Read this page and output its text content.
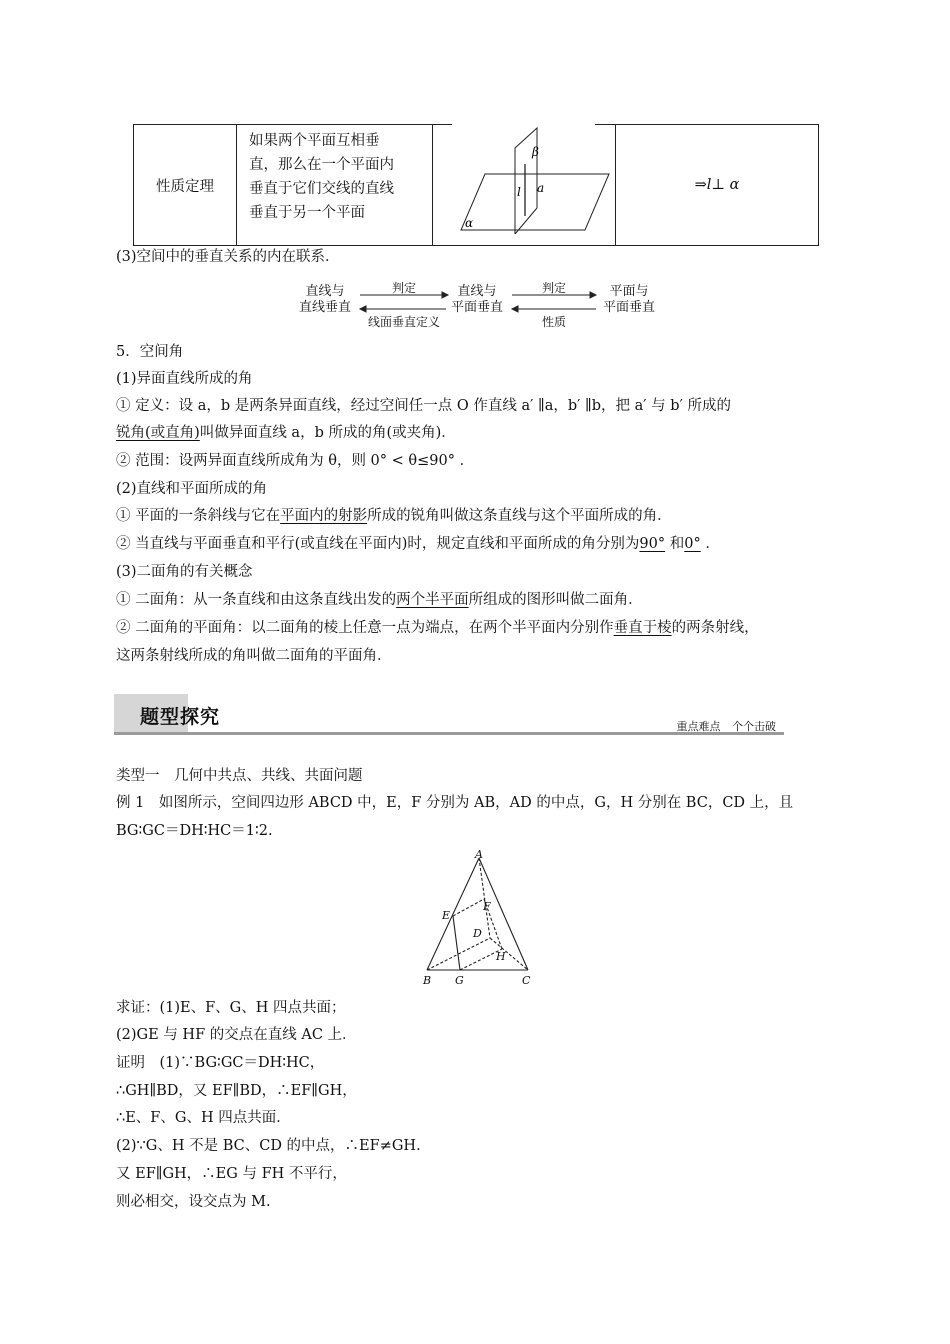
性质定理
如果两个平面互相垂
直，那么在一个平面内
垂直于它们交线的直线
垂直于另一个平面
β
l a
α
⇒l⊥ α
(3)空间中的垂直关系的内在联系．
直线与
直线垂直
直线与
平面垂直
平面与
平面垂直
判定
线面垂直定义
判定
性质
5．空间角
(1)异面直线所成的角
① 定义：设 a，b 是两条异面直线，经过空间任一点 O 作直线 a′ ∥a，b′ ∥b，把 a′ 与 b′ 所成的
锐角(或直角)叫做异面直线 a，b 所成的角(或夹角)．
② 范围：设两异面直线所成角为 θ，则 0° < θ≤90° ．
(2)直线和平面所成的角
① 平面的一条斜线与它在平面内的射影所成的锐角叫做这条直线与这个平面所成的角．
② 当直线与平面垂直和平行(或直线在平面内)时，规定直线和平面所成的角分别为90° 和0° ．
(3)二面角的有关概念
① 二面角：从一条直线和由这条直线出发的两个半平面所组成的图形叫做二面角．
② 二面角的平面角：以二面角的棱上任意一点为端点，在两个半平面内分别作垂直于棱的两条射线，
这两条射线所成的角叫做二面角的平面角．
题型探究	重点难点 个个击破
类型一　几何中共点、共线、共面问题
例 1　如图所示，空间四边形 ABCD 中，E，F 分别为 AB，AD 的中点，G，H 分别在 BC，CD 上，且
BG∶GC＝DH∶HC＝1∶2.
A
B	C
D
E
F
G
H
求证：(1)E、F、G、H 四点共面；
(2)GE 与 HF 的交点在直线 AC 上．
证明　(1)∵BG∶GC＝DH∶HC，
∴GH∥BD，又 EF∥BD，∴EF∥GH，
∴E、F、G、H 四点共面．
(2)∵G、H 不是 BC、CD 的中点，∴EF≠GH.
又 EF∥GH，∴EG 与 FH 不平行，
则必相交，设交点为 M.
